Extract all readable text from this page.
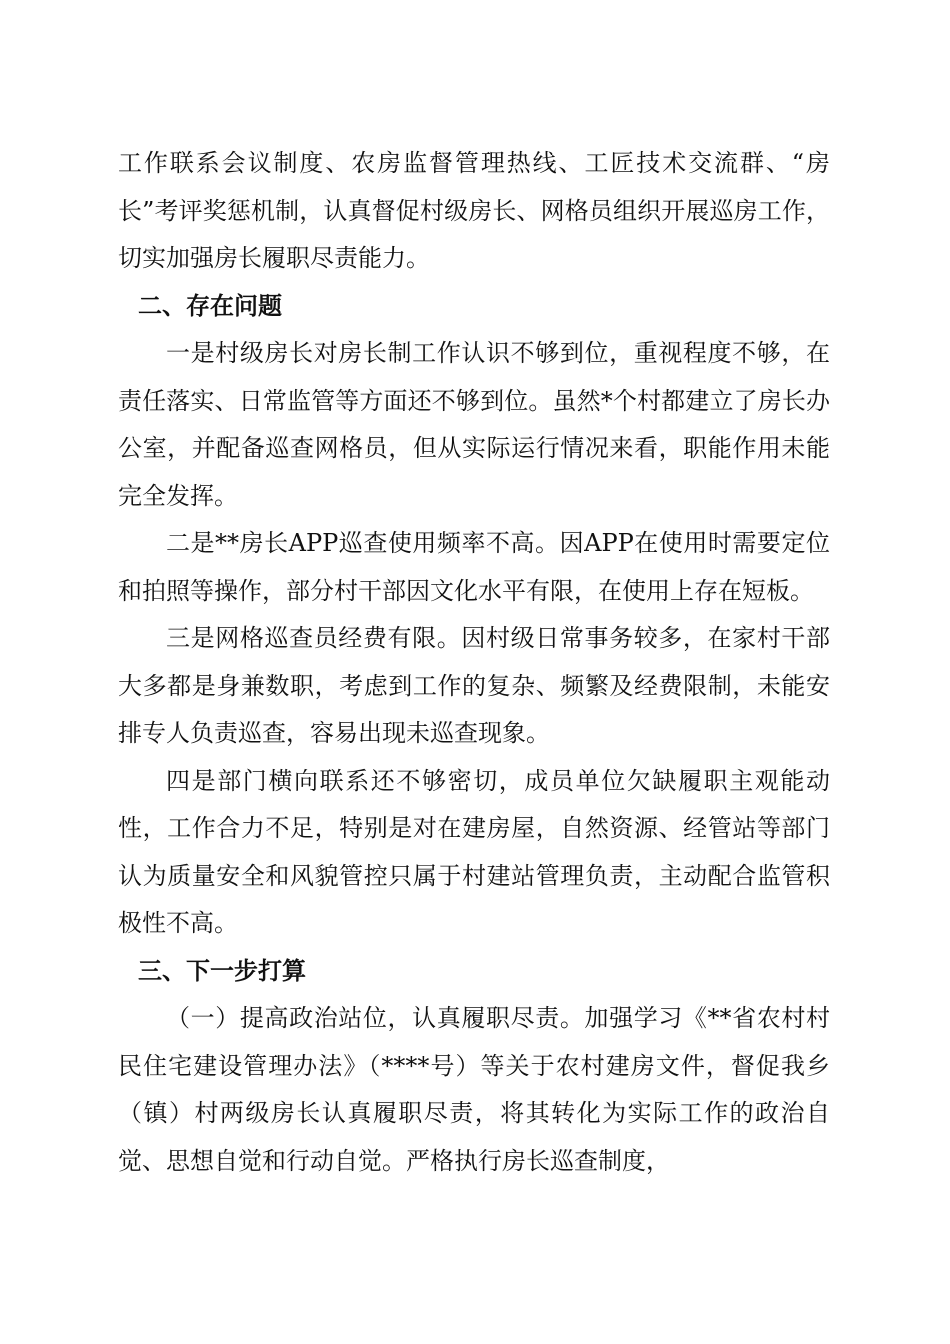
工作联系会议制度、农房监督管理热线、工匠技术交流群、“房长”考评奖惩机制，认真督促村级房长、网格员组织开展巡房工作，切实加强房长履职尽责能力。

二、存在问题

一是村级房长对房长制工作认识不够到位，重视程度不够，在责任落实、日常监管等方面还不够到位。虽然*个村都建立了房长办公室，并配备巡查网格员，但从实际运行情况来看，职能作用未能完全发挥。

二是**房长APP巡查使用频率不高。因APP在使用时需要定位和拍照等操作，部分村干部因文化水平有限，在使用上存在短板。

三是网格巡查员经费有限。因村级日常事务较多，在家村干部大多都是身兼数职，考虑到工作的复杂、频繁及经费限制，未能安排专人负责巡查，容易出现未巡查现象。

四是部门横向联系还不够密切，成员单位欠缺履职主观能动性，工作合力不足，特别是对在建房屋，自然资源、经管站等部门认为质量安全和风貌管控只属于村建站管理负责，主动配合监管积极性不高。

三、下一步打算

（一）提高政治站位，认真履职尽责。加强学习《**省农村村民住宅建设管理办法》（****号）等关于农村建房文件，督促我乡（镇）村两级房长认真履职尽责，将其转化为实际工作的政治自觉、思想自觉和行动自觉。严格执行房长巡查制度，
